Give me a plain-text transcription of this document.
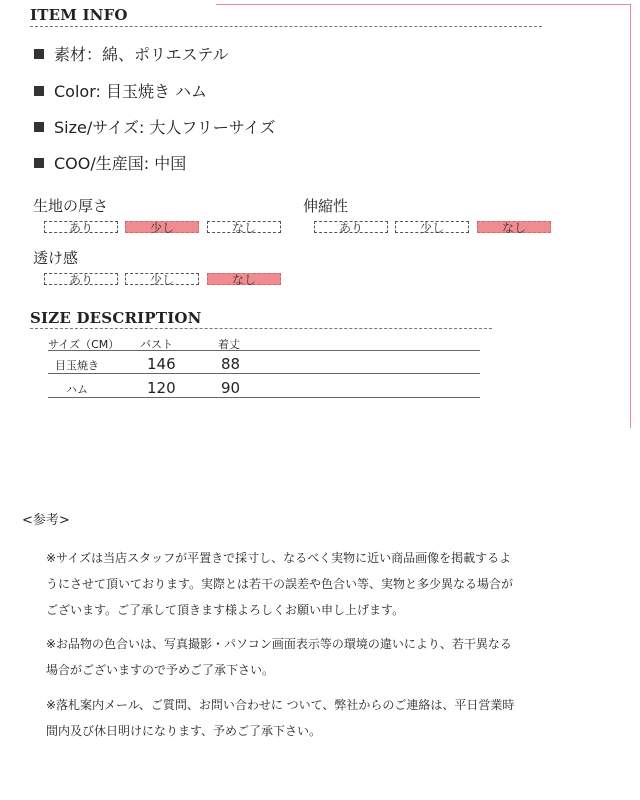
ITEM INFO
素材：綿、ポリエステル
Color: 目玉焼き ハム
Size/サイズ: 大人フリーサイズ
COO/生産国: 中国
生地の厚さ
あり	少し	なし
伸縮性
あり	少し	なし
透け感
あり	少し	なし
SIZE DESCRIPTION
サイズ（CM） バスト	着丈
目玉焼き	146	88
ハム	120	90
<参考>

※サイズは当店スタッフが平置きで採寸し、なるべく実物に近い商品画像を掲載するよ

うにさせて頂いております。実際とは若干の誤差や色合い等、実物と多少異なる場合が

ございます。ご了承して頂きます様よろしくお願い申し上げます。

※お品物の色合いは、写真撮影・パソコン画面表示等の環境の違いにより、若干異なる

場合がございますので予めご了承下さい。

※落札案内メール、ご質問、お問い合わせに ついて、弊社からのご連絡は、平日営業時

間内及び休日明けになります、予めご了承下さい。
